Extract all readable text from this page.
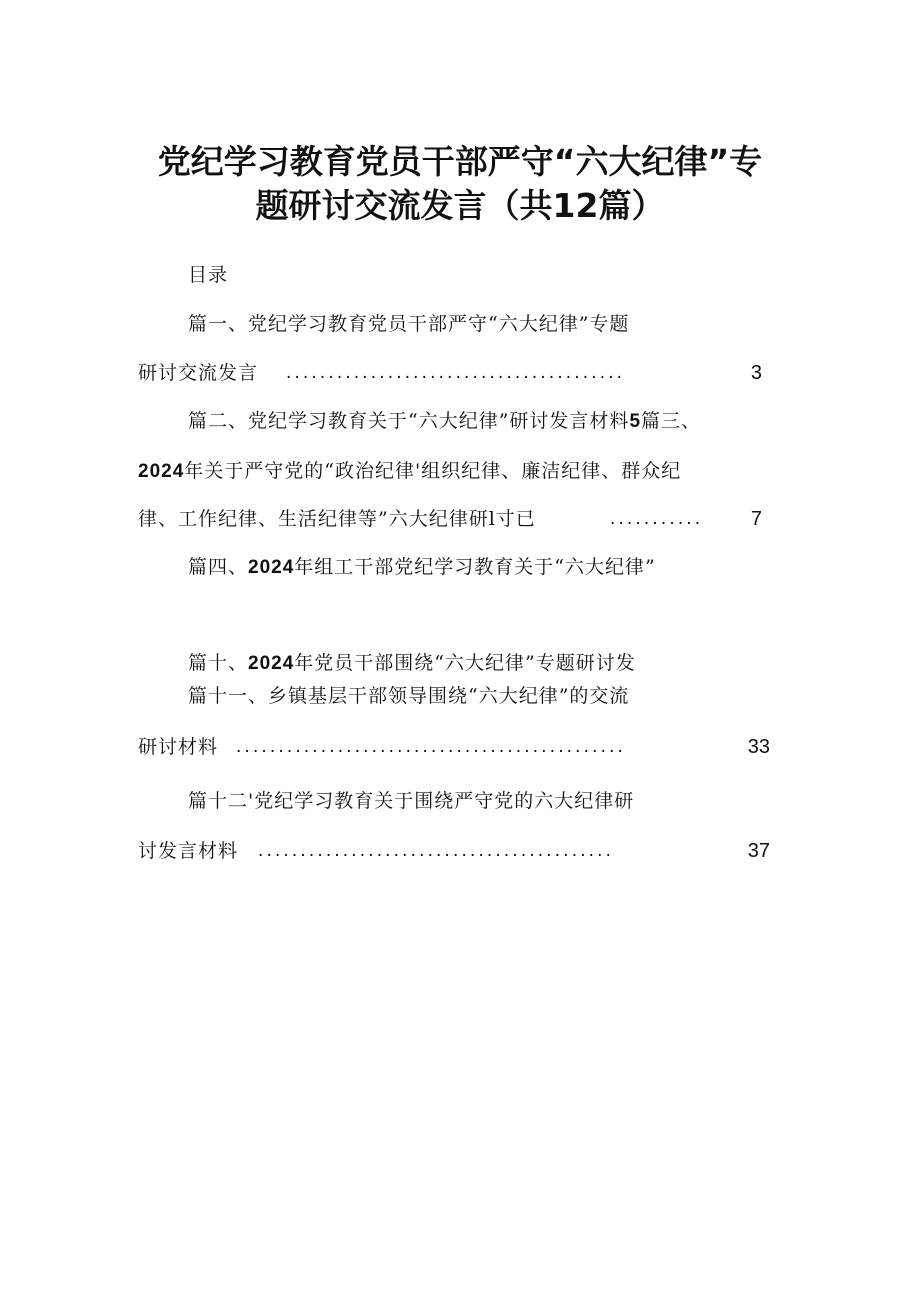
党纪学习教育党员干部严守“六大纪律”专
题研讨交流发言（共12篇）
目录
篇一、党纪学习教育党员干部严守“六大纪律”专题
研讨交流发言 ........................................	3
篇二、党纪学习教育关于“六大纪律”研讨发言材料5篇三、
2024年关于严守党的“政治纪律'组织纪律、廉洁纪律、群众纪
律、工作纪律、生活纪律等”六大纪律研l寸已	...........	7
篇四、2024年组工干部党纪学习教育关于“六大纪律”
篇十、2024年党员干部围绕“六大纪律”专题研讨发
篇十一、乡镇基层干部领导围绕“六大纪律”的交流
研讨材料 ..............................................	33
篇十二'党纪学习教育关于围绕严守党的六大纪律研
讨发言材料 ..........................................	37
